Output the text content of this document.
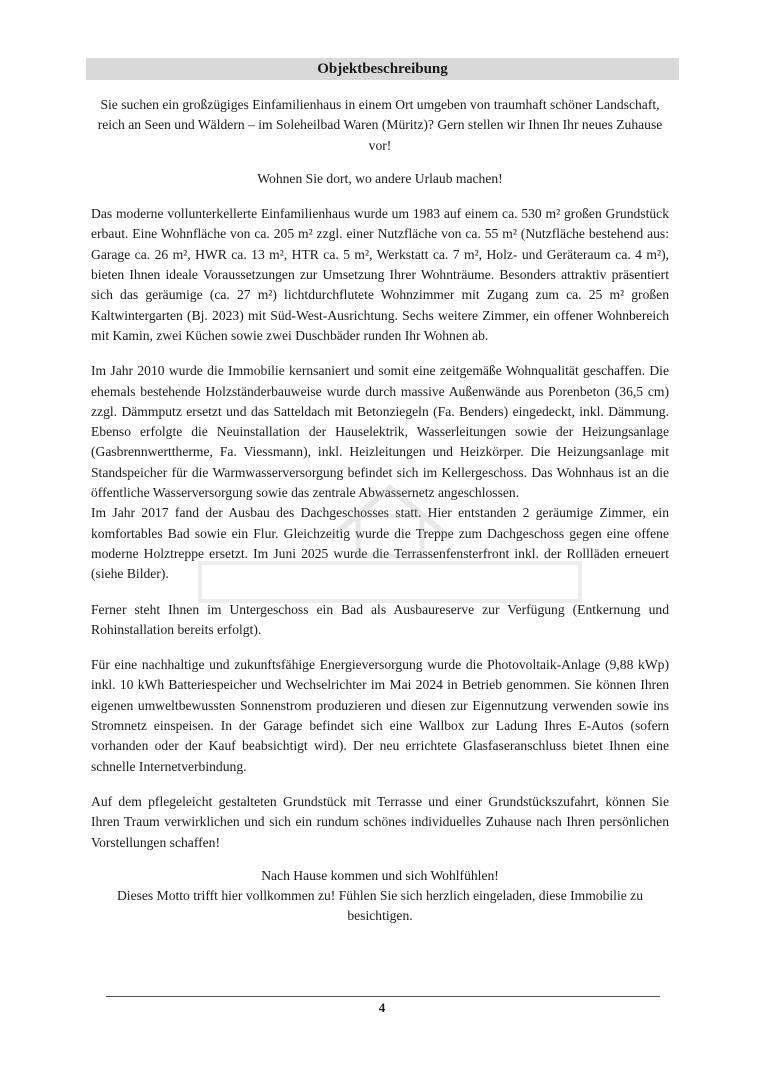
Objektbeschreibung

Sie suchen ein großzügiges Einfamilienhaus in einem Ort umgeben von traumhaft schöner Landschaft, reich an Seen und Wäldern – im Soleheilbad Waren (Müritz)? Gern stellen wir Ihnen Ihr neues Zuhause vor!

Wohnen Sie dort, wo andere Urlaub machen!

Das moderne vollunterkellerte Einfamilienhaus wurde um 1983 auf einem ca. 530 m² großen Grundstück erbaut. Eine Wohnfläche von ca. 205 m² zzgl. einer Nutzfläche von ca. 55 m² (Nutzfläche bestehend aus: Garage ca. 26 m², HWR ca. 13 m², HTR ca. 5 m², Werkstatt ca. 7 m², Holz- und Geräteraum ca. 4 m²), bieten Ihnen ideale Voraussetzungen zur Umsetzung Ihrer Wohnträume. Besonders attraktiv präsentiert sich das geräumige (ca. 27 m²) lichtdurchflutete Wohnzimmer mit Zugang zum ca. 25 m² großen Kaltwintergarten (Bj. 2023) mit Süd-West-Ausrichtung. Sechs weitere Zimmer, ein offener Wohnbereich mit Kamin, zwei Küchen sowie zwei Duschbäder runden Ihr Wohnen ab.

Im Jahr 2010 wurde die Immobilie kernsaniert und somit eine zeitgemäße Wohnqualität geschaffen. Die ehemals bestehende Holzständerbauweise wurde durch massive Außenwände aus Porenbeton (36,5 cm) zzgl. Dämmputz ersetzt und das Satteldach mit Betonziegeln (Fa. Benders) eingedeckt, inkl. Dämmung. Ebenso erfolgte die Neuinstallation der Hauselektrik, Wasserleitungen sowie der Heizungsanlage (Gasbrennwerttherme, Fa. Viessmann), inkl. Heizleitungen und Heizkörper. Die Heizungsanlage mit Standspeicher für die Warmwasserversorgung befindet sich im Kellergeschoss. Das Wohnhaus ist an die öffentliche Wasserversorgung sowie das zentrale Abwassernetz angeschlossen.

Im Jahr 2017 fand der Ausbau des Dachgeschosses statt. Hier entstanden 2 geräumige Zimmer, ein komfortables Bad sowie ein Flur. Gleichzeitig wurde die Treppe zum Dachgeschoss gegen eine offene moderne Holztreppe ersetzt. Im Juni 2025 wurde die Terrassenfensterfront inkl. der Rollläden erneuert (siehe Bilder).

Ferner steht Ihnen im Untergeschoss ein Bad als Ausbaureserve zur Verfügung (Entkernung und Rohinstallation bereits erfolgt).

Für eine nachhaltige und zukunftsfähige Energieversorgung wurde die Photovoltaik-Anlage (9,88 kWp) inkl. 10 kWh Batteriespeicher und Wechselrichter im Mai 2024 in Betrieb genommen. Sie können Ihren eigenen umweltbewussten Sonnenstrom produzieren und diesen zur Eigennutzung verwenden sowie ins Stromnetz einspeisen. In der Garage befindet sich eine Wallbox zur Ladung Ihres E-Autos (sofern vorhanden oder der Kauf beabsichtigt wird). Der neu errichtete Glasfaseranschluss bietet Ihnen eine schnelle Internetverbindung.

Auf dem pflegeleicht gestalteten Grundstück mit Terrasse und einer Grundstückszufahrt, können Sie Ihren Traum verwirklichen und sich ein rundum schönes individuelles Zuhause nach Ihren persönlichen Vorstellungen schaffen!

Nach Hause kommen und sich Wohlfühlen!

Dieses Motto trifft hier vollkommen zu! Fühlen Sie sich herzlich eingeladen, diese Immobilie zu besichtigen.

4
